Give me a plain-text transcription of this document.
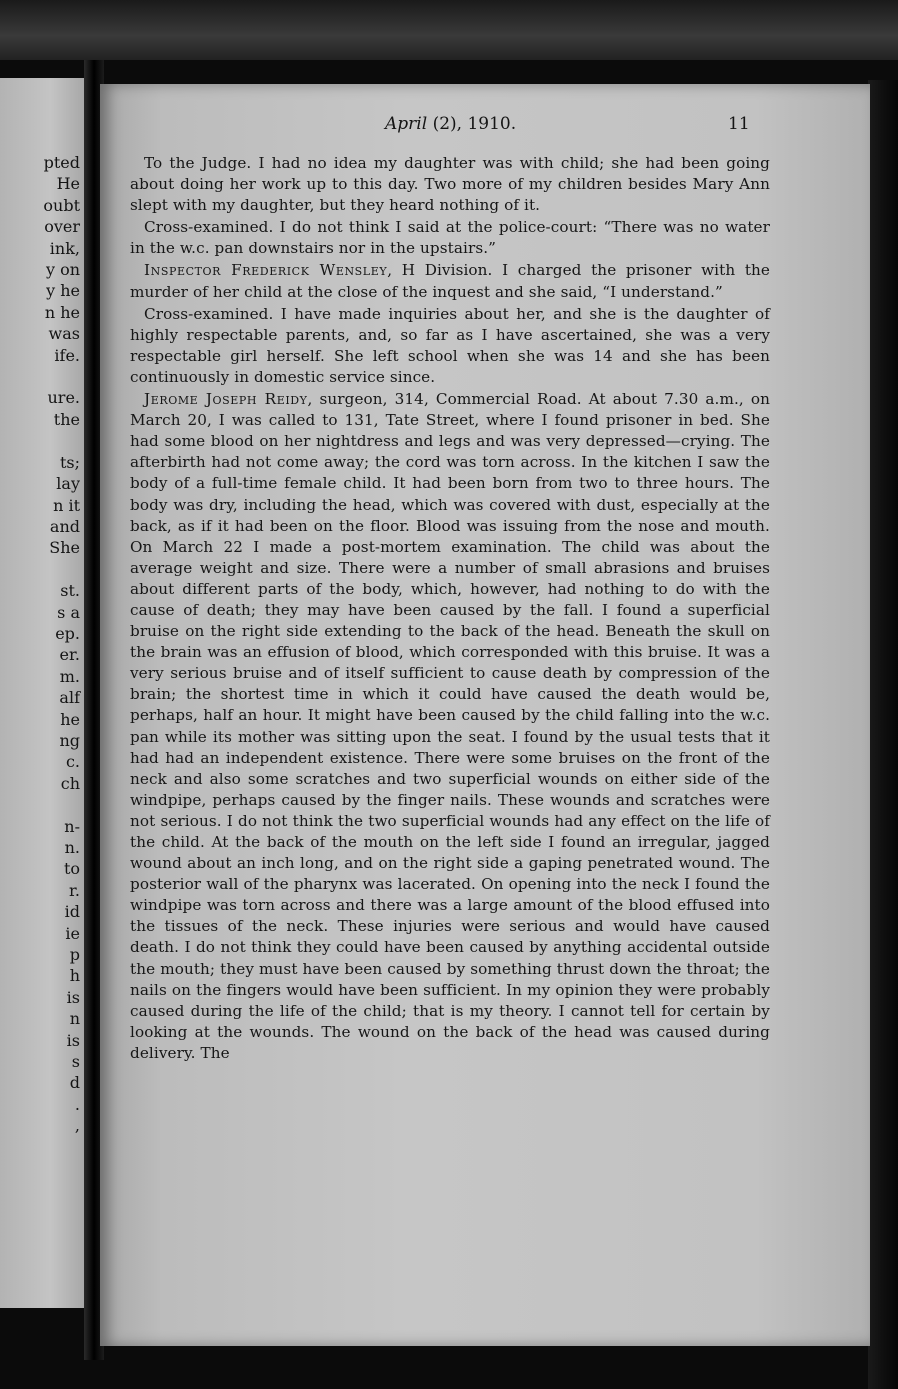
pted
He
oubt
over
ink,
y on
y he
n he
was
ife.

ure.
the

ts;
lay
n it
and
She

st.
s a
ep.
er.
m.
alf
he
ng
c.
ch

n-
n.
to
r.
id
ie
p
h
is
n
is
s
d
.
,
April (2), 1910.	11

To the Judge. I had no idea my daughter was with child; she had been going about doing her work up to this day. Two more of my children besides Mary Ann slept with my daughter, but they heard nothing of it.

Cross-examined. I do not think I said at the police-court: “There was no water in the w.c. pan downstairs nor in the upstairs.”

Inspector Frederick Wensley, H Division. I charged the prisoner with the murder of her child at the close of the inquest and she said, “I understand.”

Cross-examined. I have made inquiries about her, and she is the daughter of highly respectable parents, and, so far as I have ascertained, she was a very respectable girl herself. She left school when she was 14 and she has been continuously in domestic service since.

Jerome Joseph Reidy, surgeon, 314, Commercial Road. At about 7.30 a.m., on March 20, I was called to 131, Tate Street, where I found prisoner in bed. She had some blood on her nightdress and legs and was very depressed—crying. The afterbirth had not come away; the cord was torn across. In the kitchen I saw the body of a full-time female child. It had been born from two to three hours. The body was dry, including the head, which was covered with dust, especially at the back, as if it had been on the floor. Blood was issuing from the nose and mouth. On March 22 I made a post-mortem examination. The child was about the average weight and size. There were a number of small abrasions and bruises about different parts of the body, which, however, had nothing to do with the cause of death; they may have been caused by the fall. I found a superficial bruise on the right side extending to the back of the head. Beneath the skull on the brain was an effusion of blood, which corresponded with this bruise. It was a very serious bruise and of itself sufficient to cause death by compression of the brain; the shortest time in which it could have caused the death would be, perhaps, half an hour. It might have been caused by the child falling into the w.c. pan while its mother was sitting upon the seat. I found by the usual tests that it had had an independent existence. There were some bruises on the front of the neck and also some scratches and two superficial wounds on either side of the windpipe, perhaps caused by the finger nails. These wounds and scratches were not serious. I do not think the two superficial wounds had any effect on the life of the child. At the back of the mouth on the left side I found an irregular, jagged wound about an inch long, and on the right side a gaping penetrated wound. The posterior wall of the pharynx was lacerated. On opening into the neck I found the windpipe was torn across and there was a large amount of the blood effused into the tissues of the neck. These injuries were serious and would have caused death. I do not think they could have been caused by anything accidental outside the mouth; they must have been caused by something thrust down the throat; the nails on the fingers would have been sufficient. In my opinion they were probably caused during the life of the child; that is my theory. I cannot tell for certain by looking at the wounds. The wound on the back of the head was caused during delivery. The
